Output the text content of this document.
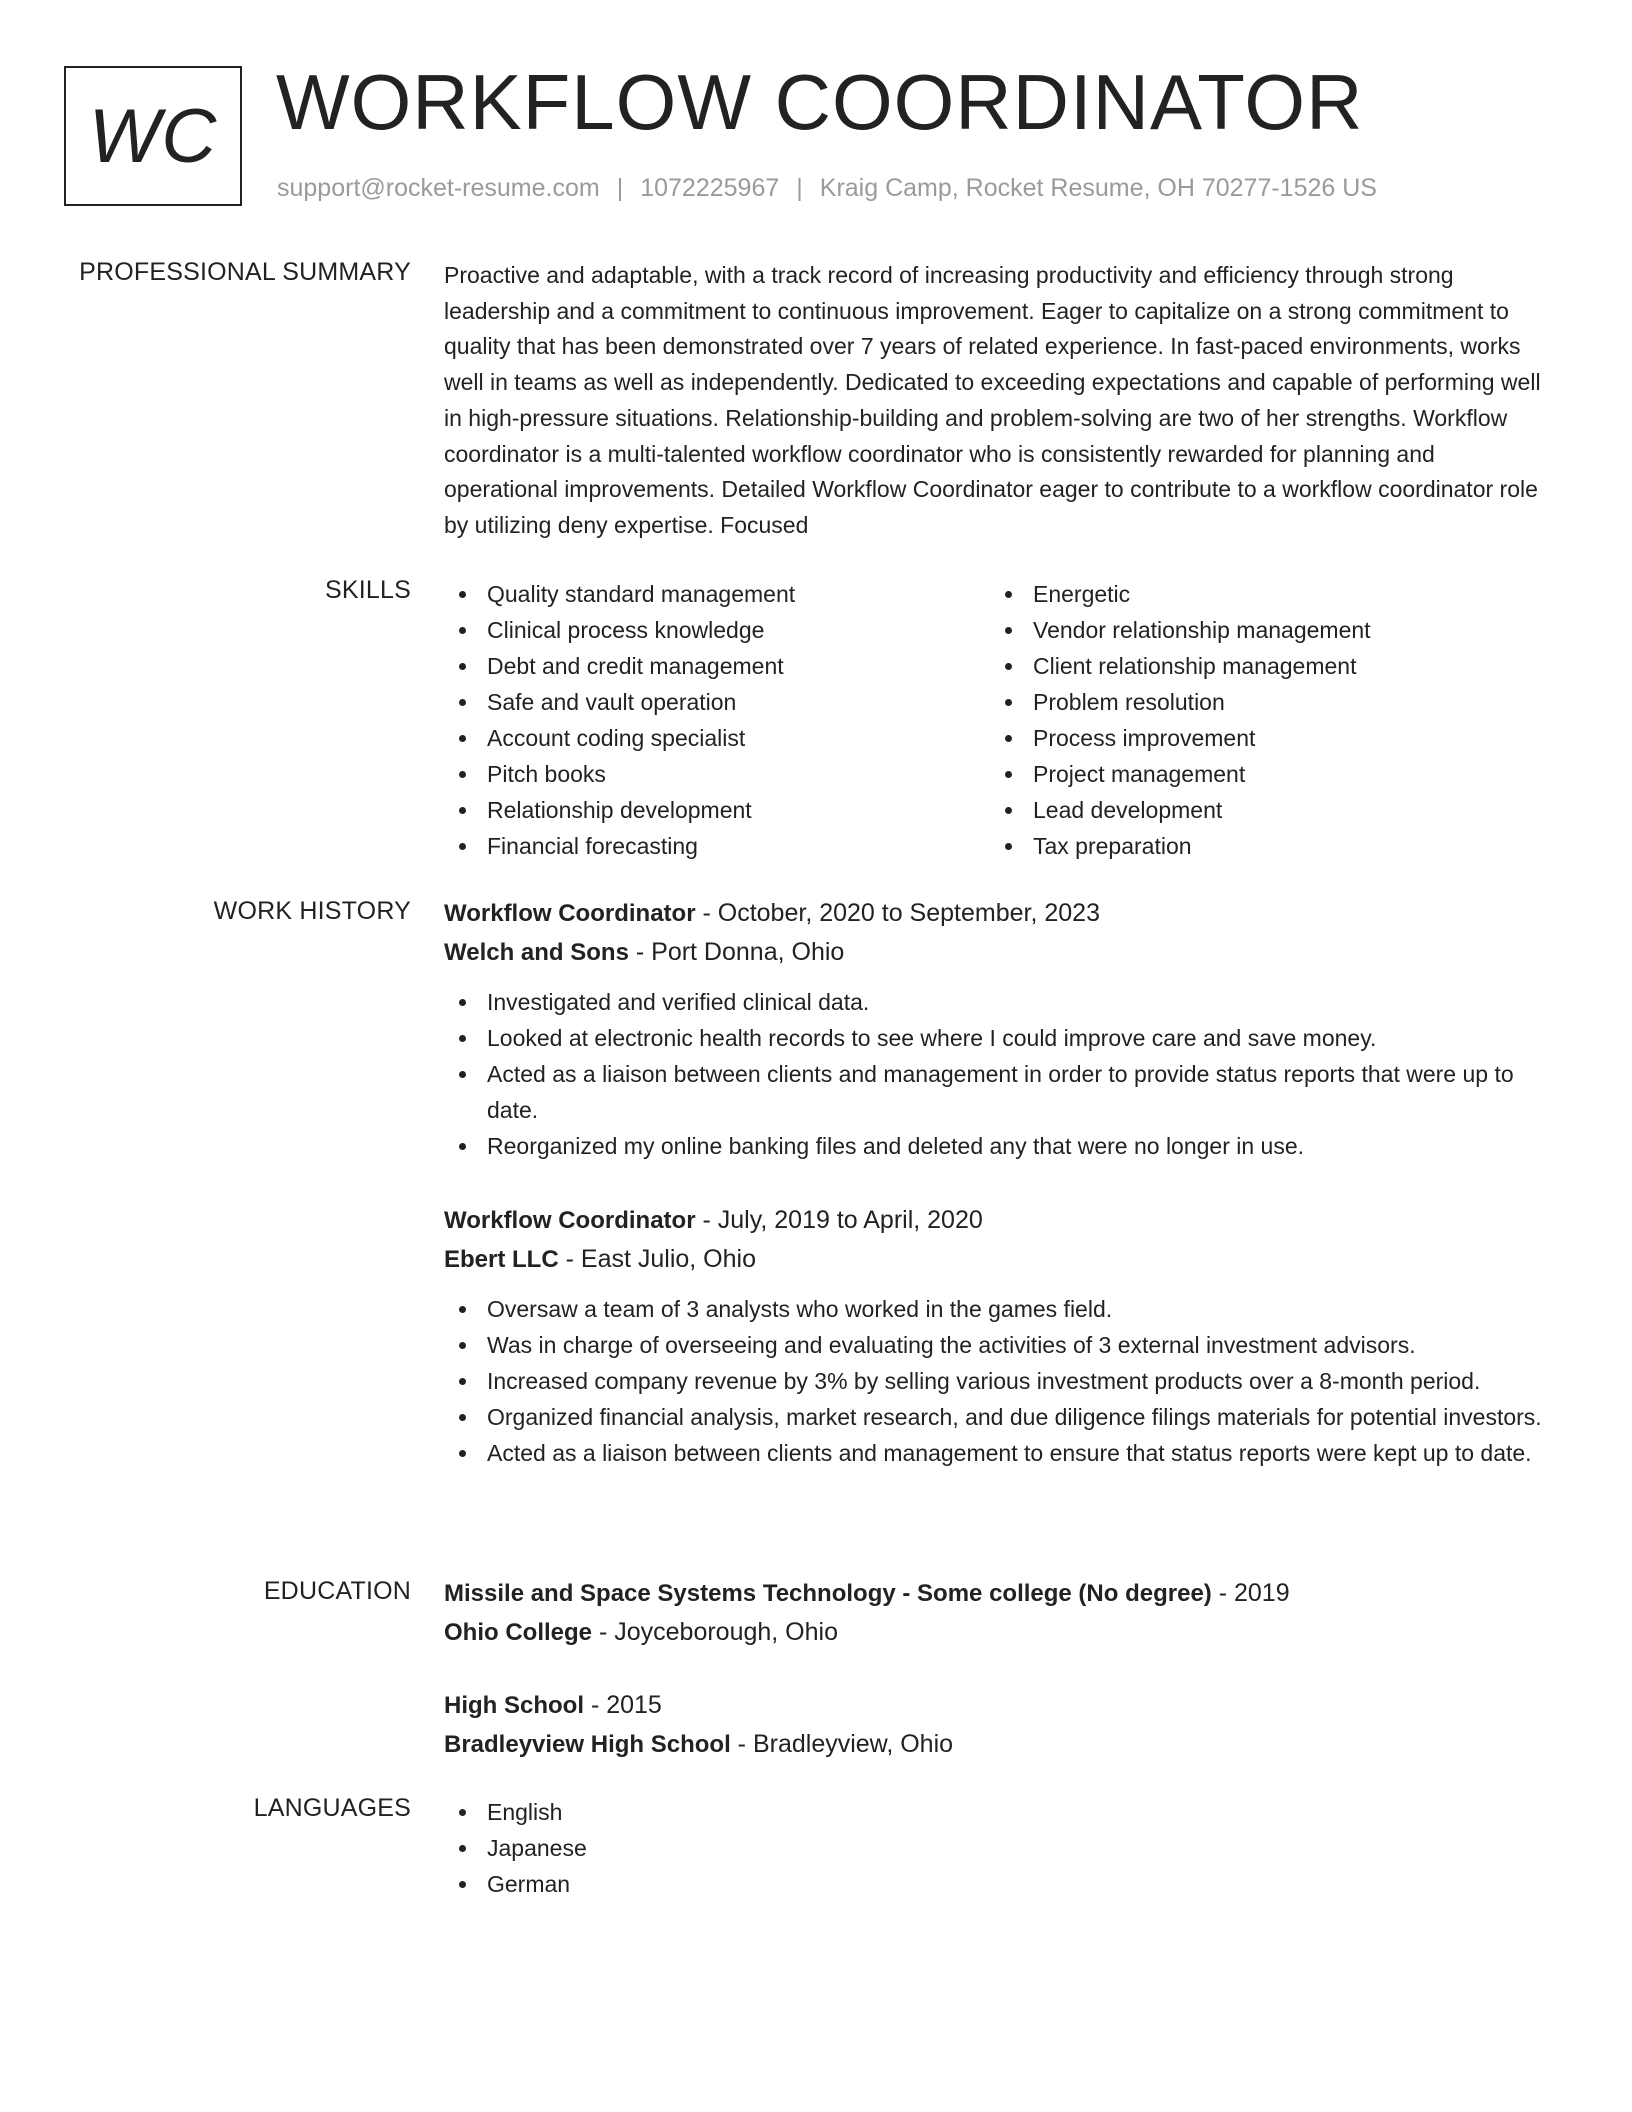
WC WORKFLOW COORDINATOR
support@rocket-resume.com | 1072225967 | Kraig Camp, Rocket Resume, OH 70277-1526 US
PROFESSIONAL SUMMARY Proactive and adaptable, with a track record of increasing productivity and efficiency through strong leadership and a commitment to continuous improvement. Eager to capitalize on a strong commitment to quality that has been demonstrated over 7 years of related experience. In fast-paced environments, works well in teams as well as independently. Dedicated to exceeding expectations and capable of performing well in high-pressure situations. Relationship-building and problem-solving are two of her strengths. Workflow coordinator is a multi-talented workflow coordinator who is consistently rewarded for planning and operational improvements. Detailed Workflow Coordinator eager to contribute to a workflow coordinator role by utilizing deny expertise. Focused

SKILLS	Quality standard management
Clinical process knowledge
Debt and credit management
Safe and vault operation
Account coding specialist
Pitch books
Relationship development
Financial forecasting
Energetic
Vendor relationship management
Client relationship management
Problem resolution
Process improvement
Project management
Lead development
Tax preparation
WORK HISTORY Workflow Coordinator - October, 2020 to September, 2023
Welch and Sons - Port Donna, Ohio
Investigated and verified clinical data.
Looked at electronic health records to see where I could improve care and save money.
Acted as a liaison between clients and management in order to provide status reports that were up to date.
Reorganized my online banking files and deleted any that were no longer in use.
Workflow Coordinator - July, 2019 to April, 2020
Ebert LLC - East Julio, Ohio
Oversaw a team of 3 analysts who worked in the games field.
Was in charge of overseeing and evaluating the activities of 3 external investment advisors.
Increased company revenue by 3% by selling various investment products over a 8-month period.
Organized financial analysis, market research, and due diligence filings materials for potential investors.
Acted as a liaison between clients and management to ensure that status reports were kept up to date.
EDUCATION Missile and Space Systems Technology - Some college (No degree) - 2019
Ohio College - Joyceborough, Ohio
High School - 2015
Bradleyview High School - Bradleyview, Ohio
LANGUAGES	English
Japanese
German
